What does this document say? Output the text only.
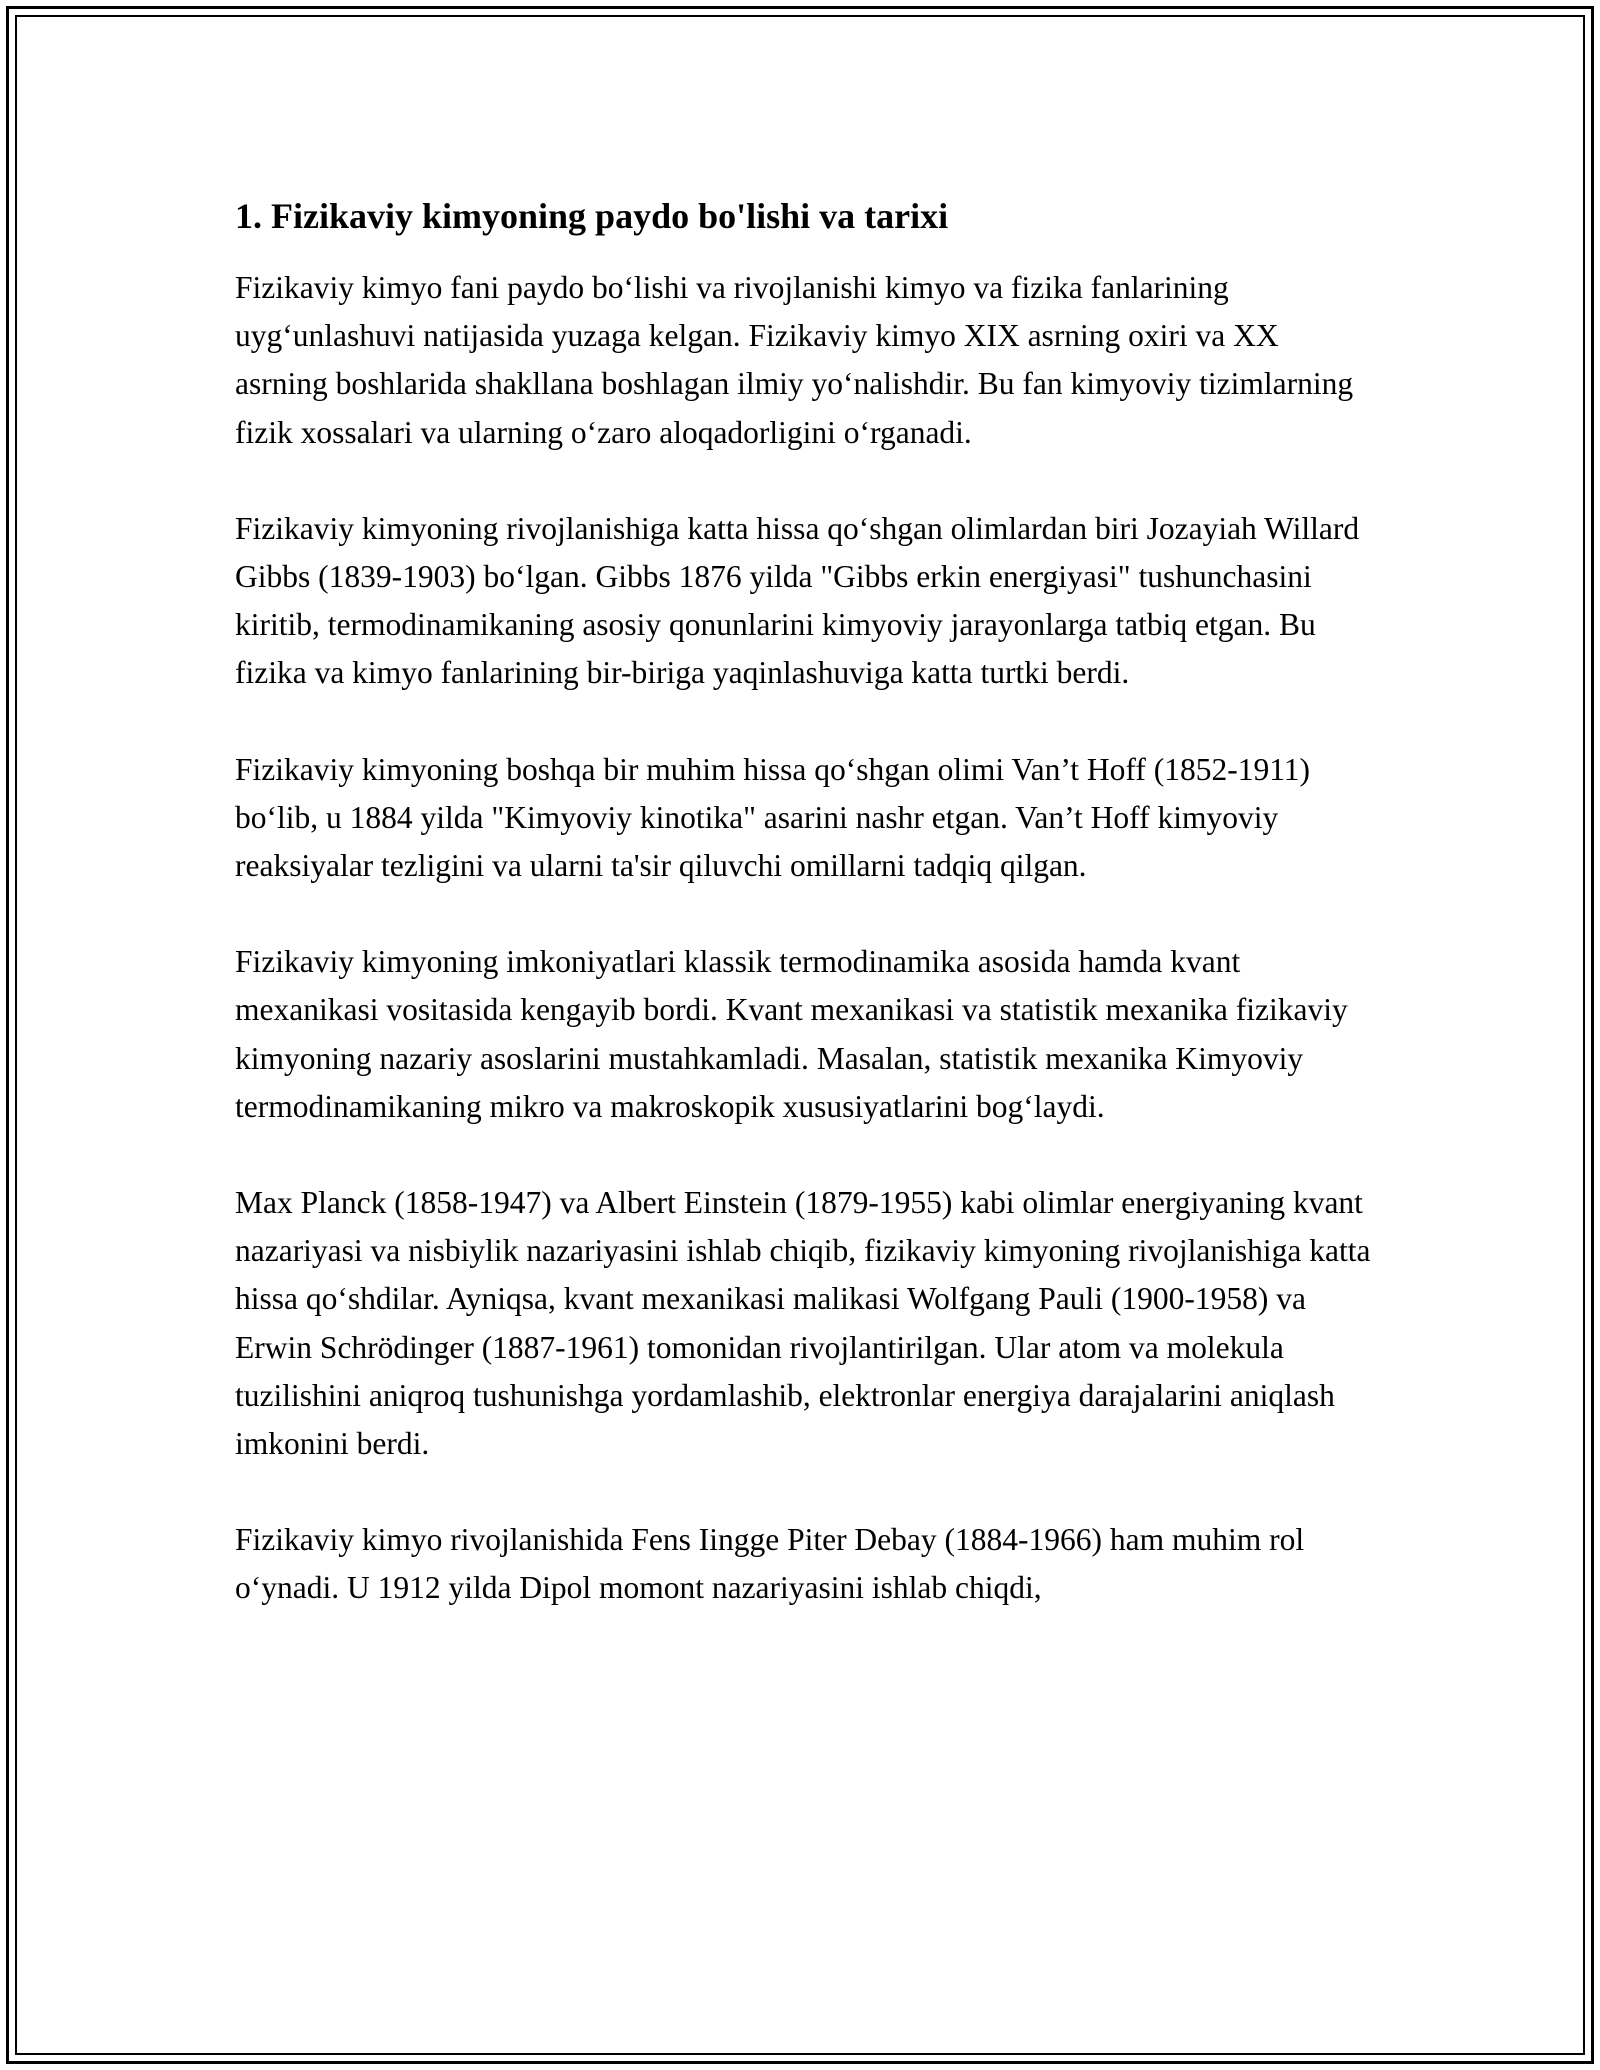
1. Fizikaviy kimyoning paydo bo'lishi va tarixi

Fizikaviy kimyo fani paydo bo‘lishi va rivojlanishi kimyo va fizika fanlarining uyg‘unlashuvi natijasida yuzaga kelgan. Fizikaviy kimyo XIX asrning oxiri va XX asrning boshlarida shakllana boshlagan ilmiy yo‘nalishdir. Bu fan kimyoviy tizimlarning fizik xossalari va ularning o‘zaro aloqadorligini o‘rganadi.

Fizikaviy kimyoning rivojlanishiga katta hissa qo‘shgan olimlardan biri Jozayiah Willard Gibbs (1839-1903) bo‘lgan. Gibbs 1876 yilda "Gibbs erkin energiyasi" tushunchasini kiritib, termodinamikaning asosiy qonunlarini kimyoviy jarayonlarga tatbiq etgan. Bu fizika va kimyo fanlarining bir-biriga yaqinlashuviga katta turtki berdi.

Fizikaviy kimyoning boshqa bir muhim hissa qo‘shgan olimi Van’t Hoff (1852-1911) bo‘lib, u 1884 yilda "Kimyoviy kinotika" asarini nashr etgan. Van’t Hoff kimyoviy reaksiyalar tezligini va ularni ta'sir qiluvchi omillarni tadqiq qilgan.

Fizikaviy kimyoning imkoniyatlari klassik termodinamika asosida hamda kvant mexanikasi vositasida kengayib bordi. Kvant mexanikasi va statistik mexanika fizikaviy kimyoning nazariy asoslarini mustahkamladi. Masalan, statistik mexanika Kimyoviy termodinamikaning mikro va makroskopik xususiyatlarini bog‘laydi.

Max Planck (1858-1947) va Albert Einstein (1879-1955) kabi olimlar energiyaning kvant nazariyasi va nisbiylik nazariyasini ishlab chiqib, fizikaviy kimyoning rivojlanishiga katta hissa qo‘shdilar. Ayniqsa, kvant mexanikasi malikasi Wolfgang Pauli (1900-1958) va Erwin Schrödinger (1887-1961) tomonidan rivojlantirilgan. Ular atom va molekula tuzilishini aniqroq tushunishga yordamlashib, elektronlar energiya darajalarini aniqlash imkonini berdi.

Fizikaviy kimyo rivojlanishida Fens Iingge Piter Debay (1884-1966) ham muhim rol o‘ynadi. U 1912 yilda Dipol momont nazariyasini ishlab chiqdi,
